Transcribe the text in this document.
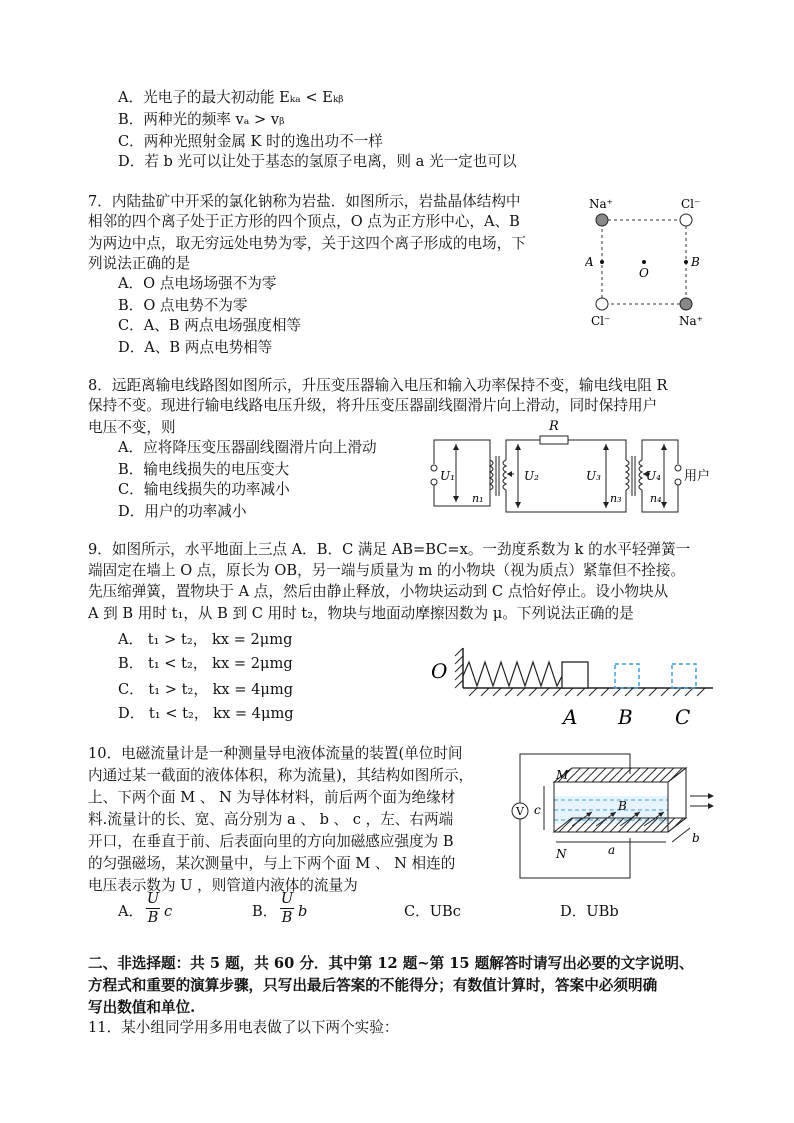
A．光电子的最大初动能 Eₖₐ < Eₖᵦ
B．两种光的频率 vₐ > vᵦ
C．两种光照射金属 K 时的逸出功不一样
D．若 b 光可以让处于基态的氢原子电离，则 a 光一定也可以
7．内陆盐矿中开采的氯化钠称为岩盐．如图所示，岩盐晶体结构中
相邻的四个离子处于正方形的四个顶点，O 点为正方形中心，A、B
为两边中点，取无穷远处电势为零，关于这四个离子形成的电场，下
列说法正确的是
A．O 点电场场强不为零
B．O 点电势不为零
C．A、B 两点电场强度相等
D．A、B 两点电势相等
Na⁺	Cl⁻
Cl⁻	Na⁺
A
O
B
8．远距离输电线路图如图所示，升压变压器输入电压和输入功率保持不变，输电线电阻 R
保持不变。现进行输电线路电压升级，将升压变压器副线圈滑片向上滑动，同时保持用户
电压不变，则
A．应将降压变压器副线圈滑片向上滑动
B．输电线损失的电压变大
C．输电线损失的功率减小
D．用户的功率减小
R
U₁	U₂	U₃	U₄
n₁	n₃	n₄
用户
9．如图所示，水平地面上三点 A．B．C 满足 AB=BC=x。一劲度系数为 k 的水平轻弹簧一
端固定在墙上 O 点，原长为 OB，另一端与质量为 m 的小物块（视为质点）紧靠但不拴接。
先压缩弹簧，置物块于 A 点，然后由静止释放，小物块运动到 C 点恰好停止。设小物块从
A 到 B 用时 t₁，从 B 到 C 用时 t₂，物块与地面动摩擦因数为 μ。下列说法正确的是
A． t₁ > t₂， kx = 2μmg
B． t₁ < t₂， kx = 2μmg
C． t₁ > t₂， kx = 4μmg
D． t₁ < t₂， kx = 4μmg
O
A B C
10．电磁流量计是一种测量导电液体流量的装置(单位时间
内通过某一截面的液体体积，称为流量)，其结构如图所示，
上、下两个面 M 、 N 为导体材料，前后两个面为绝缘材
料.流量计的长、宽、高分别为 a 、 b 、 c ，左、右两端
开口，在垂直于前、后表面向里的方向加磁感应强度为 B
的匀强磁场，某次测量中，与上下两个面 M 、 N 相连的
电压表示数为 U ，则管道内液体的流量为
A． $\frac{U}{B}$ c	B． $\frac{U}{B}$ b	C．UBc	D．UBb
V
M
N
c	B
a
b
二、非选择题：共 5 题，共 60 分．其中第 12 题~第 15 题解答时请写出必要的文字说明、
方程式和重要的演算步骤，只写出最后答案的不能得分；有数值计算时，答案中必须明确
写出数值和单位.
11．某小组同学用多用电表做了以下两个实验：
